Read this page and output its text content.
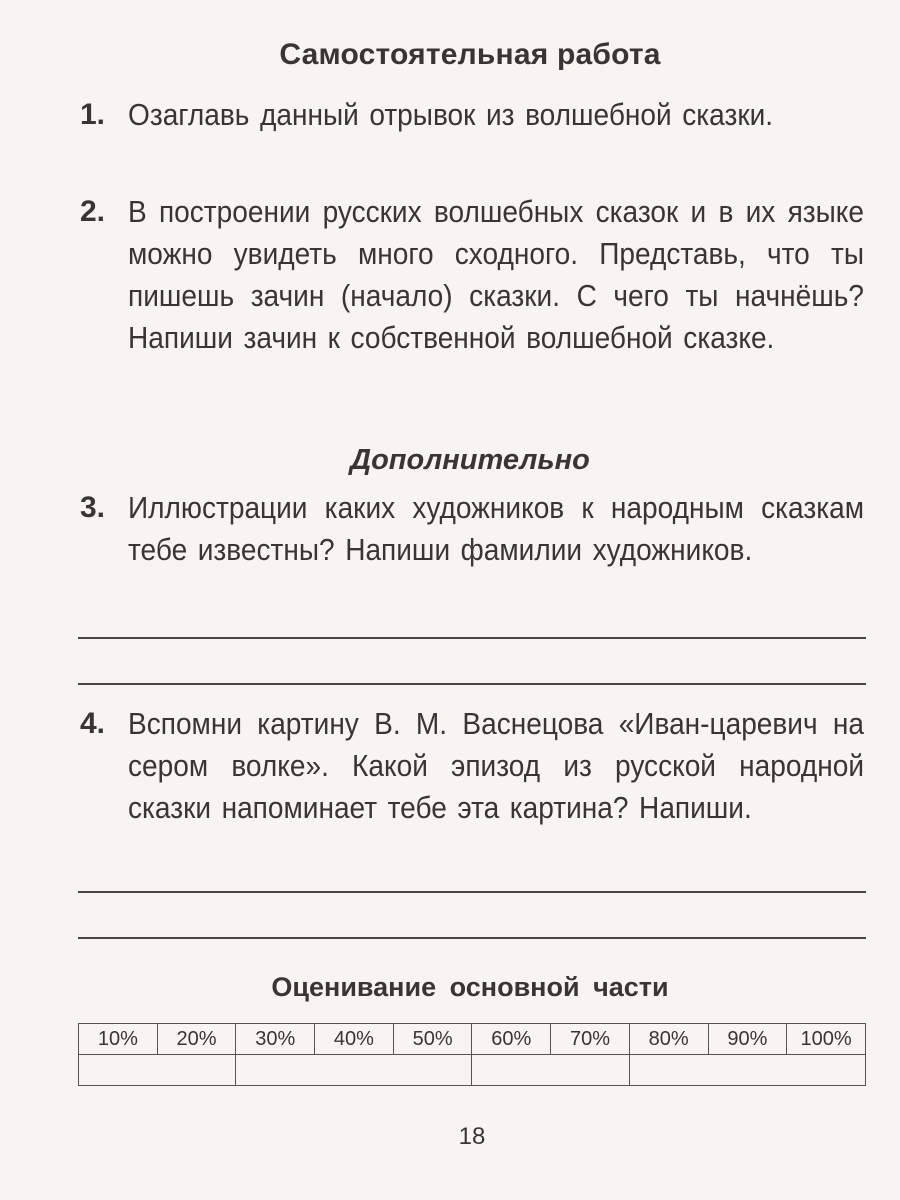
Самостоятельная работа
1. Озаглавь данный отрывок из волшебной сказки.
2. В построении русских волшебных сказок и в их языке можно увидеть много сходного. Представь, что ты пишешь зачин (начало) сказки. С чего ты начнёшь? Напиши зачин к собственной волшебной сказке.
Дополнительно
3. Иллюстрации каких художников к народным сказкам тебе известны? Напиши фамилии художников.
4. Вспомни картину В. М. Васнецова «Иван-царевич на сером волке». Какой эпизод из русской народной сказки напоминает тебе эта картина? Напиши.
Оценивание основной части
10%	20%	30%	40%	50%	60%	70%	80%	90%	100%

18
